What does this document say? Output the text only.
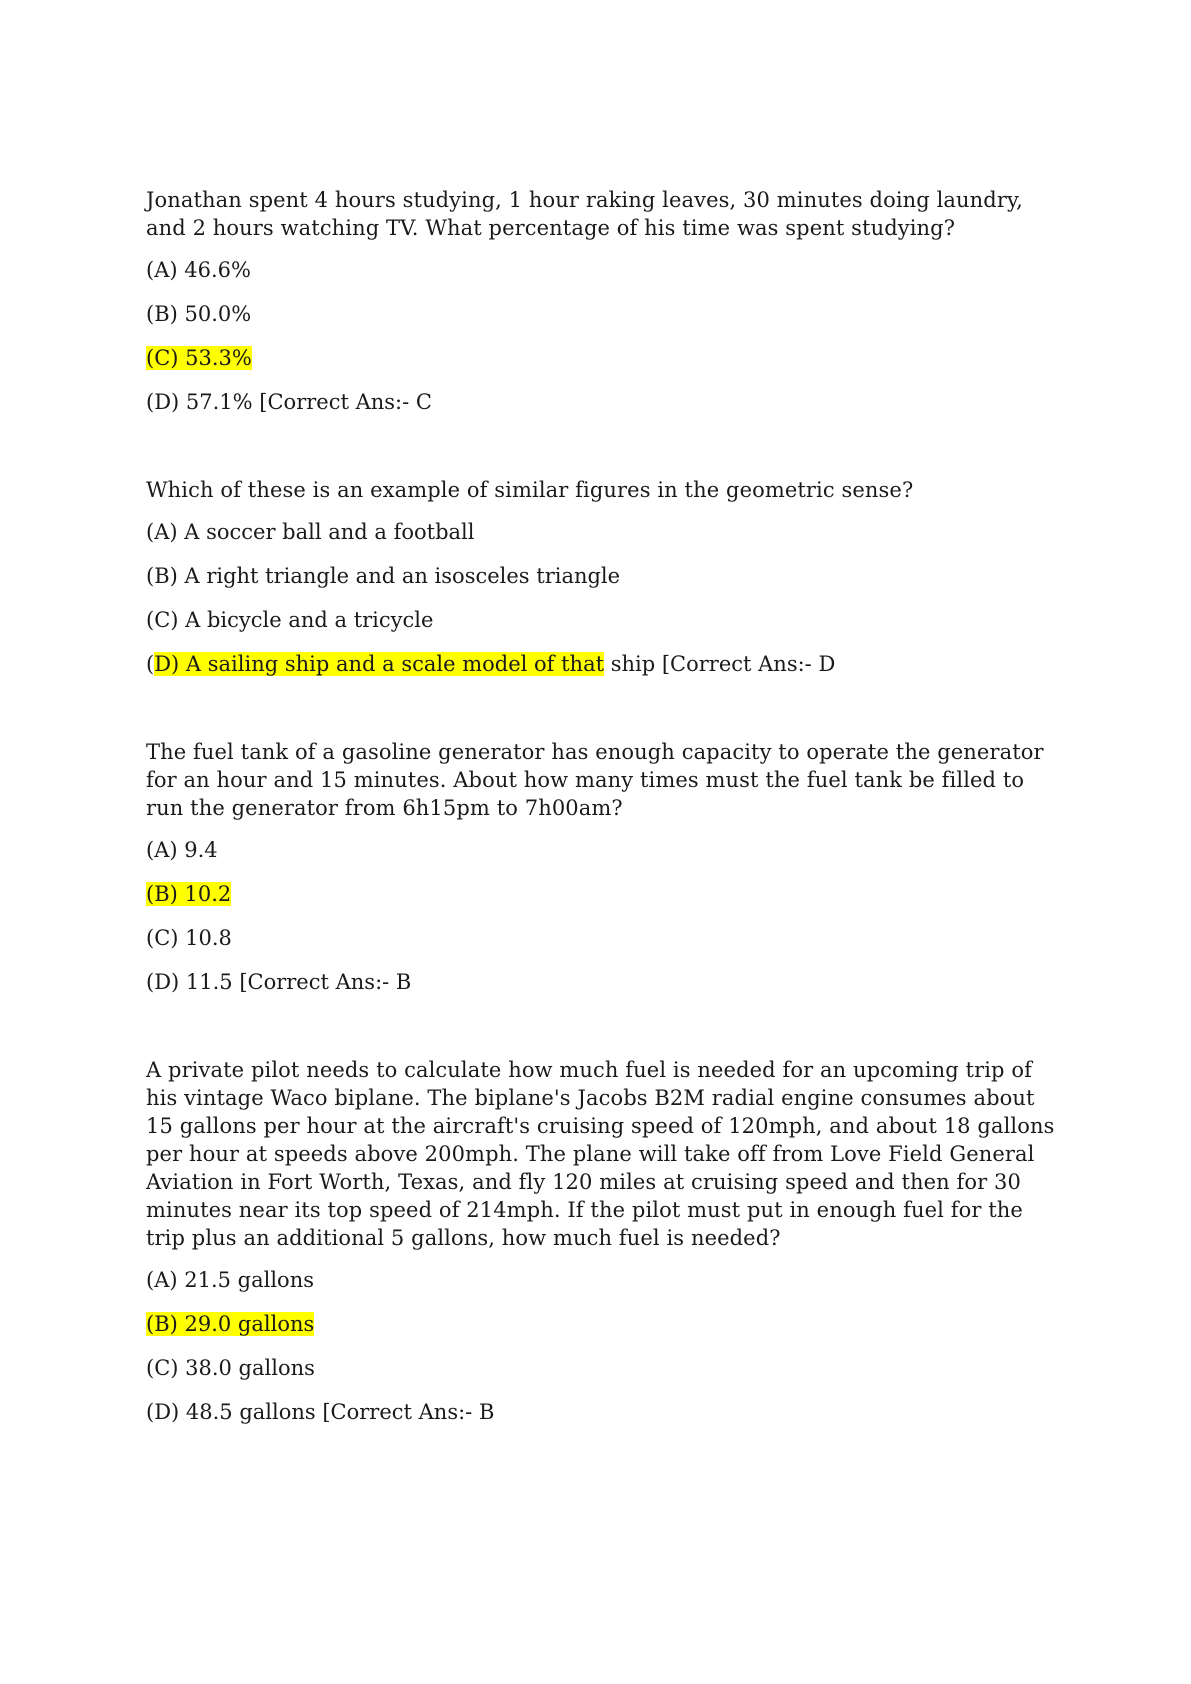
Jonathan spent 4 hours studying, 1 hour raking leaves, 30 minutes doing laundry, and 2 hours watching TV. What percentage of his time was spent studying?

(A) 46.6%

(B) 50.0%

(C) 53.3%

(D) 57.1% [Correct Ans:- C

Which of these is an example of similar figures in the geometric sense?

(A) A soccer ball and a football

(B) A right triangle and an isosceles triangle

(C) A bicycle and a tricycle

(D) A sailing ship and a scale model of that ship [Correct Ans:- D

The fuel tank of a gasoline generator has enough capacity to operate the generator for an hour and 15 minutes. About how many times must the fuel tank be filled to run the generator from 6h15pm to 7h00am?

(A) 9.4

(B) 10.2

(C) 10.8

(D) 11.5 [Correct Ans:- B

A private pilot needs to calculate how much fuel is needed for an upcoming trip of his vintage Waco biplane. The biplane's Jacobs B2M radial engine consumes about 15 gallons per hour at the aircraft's cruising speed of 120mph, and about 18 gallons per hour at speeds above 200mph. The plane will take off from Love Field General Aviation in Fort Worth, Texas, and fly 120 miles at cruising speed and then for 30 minutes near its top speed of 214mph. If the pilot must put in enough fuel for the trip plus an additional 5 gallons, how much fuel is needed?

(A) 21.5 gallons

(B) 29.0 gallons

(C) 38.0 gallons

(D) 48.5 gallons [Correct Ans:- B
